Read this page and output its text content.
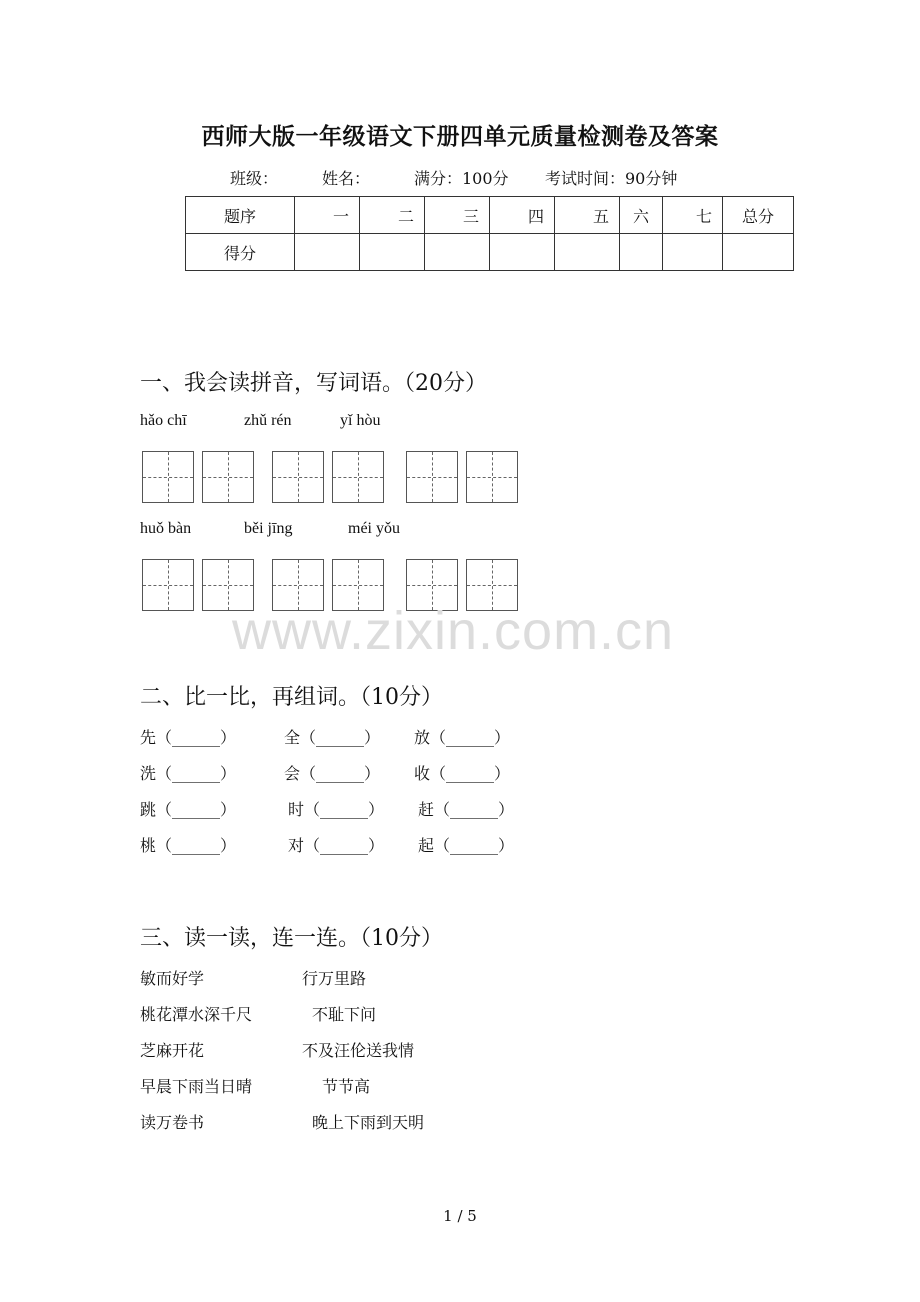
西师大版一年级语文下册四单元质量检测卷及答案
班级：	姓名：	满分：100分 考试时间：90分钟
题序	一	二	三	四	五	六	七	总分
得分								
一、我会读拼音，写词语。（20分）
hǎo chī	zhǔ rén	yǐ hòu
huǒ bàn	běi jīng	méi yǒu
www.zixin.com.cn
二、比一比，再组词。（10分）
先（______）	全（______） 放（______）
洗（______）	会（______） 收（______）
跳（______）	时（______） 赶（______）
桃（______）	对（______） 起（______）
三、读一读，连一连。（10分）
敏而好学	行万里路
桃花潭水深千尺	不耻下问
芝麻开花	不及汪伦送我情
早晨下雨当日晴	节节高
读万卷书	晚上下雨到天明
1 / 5
